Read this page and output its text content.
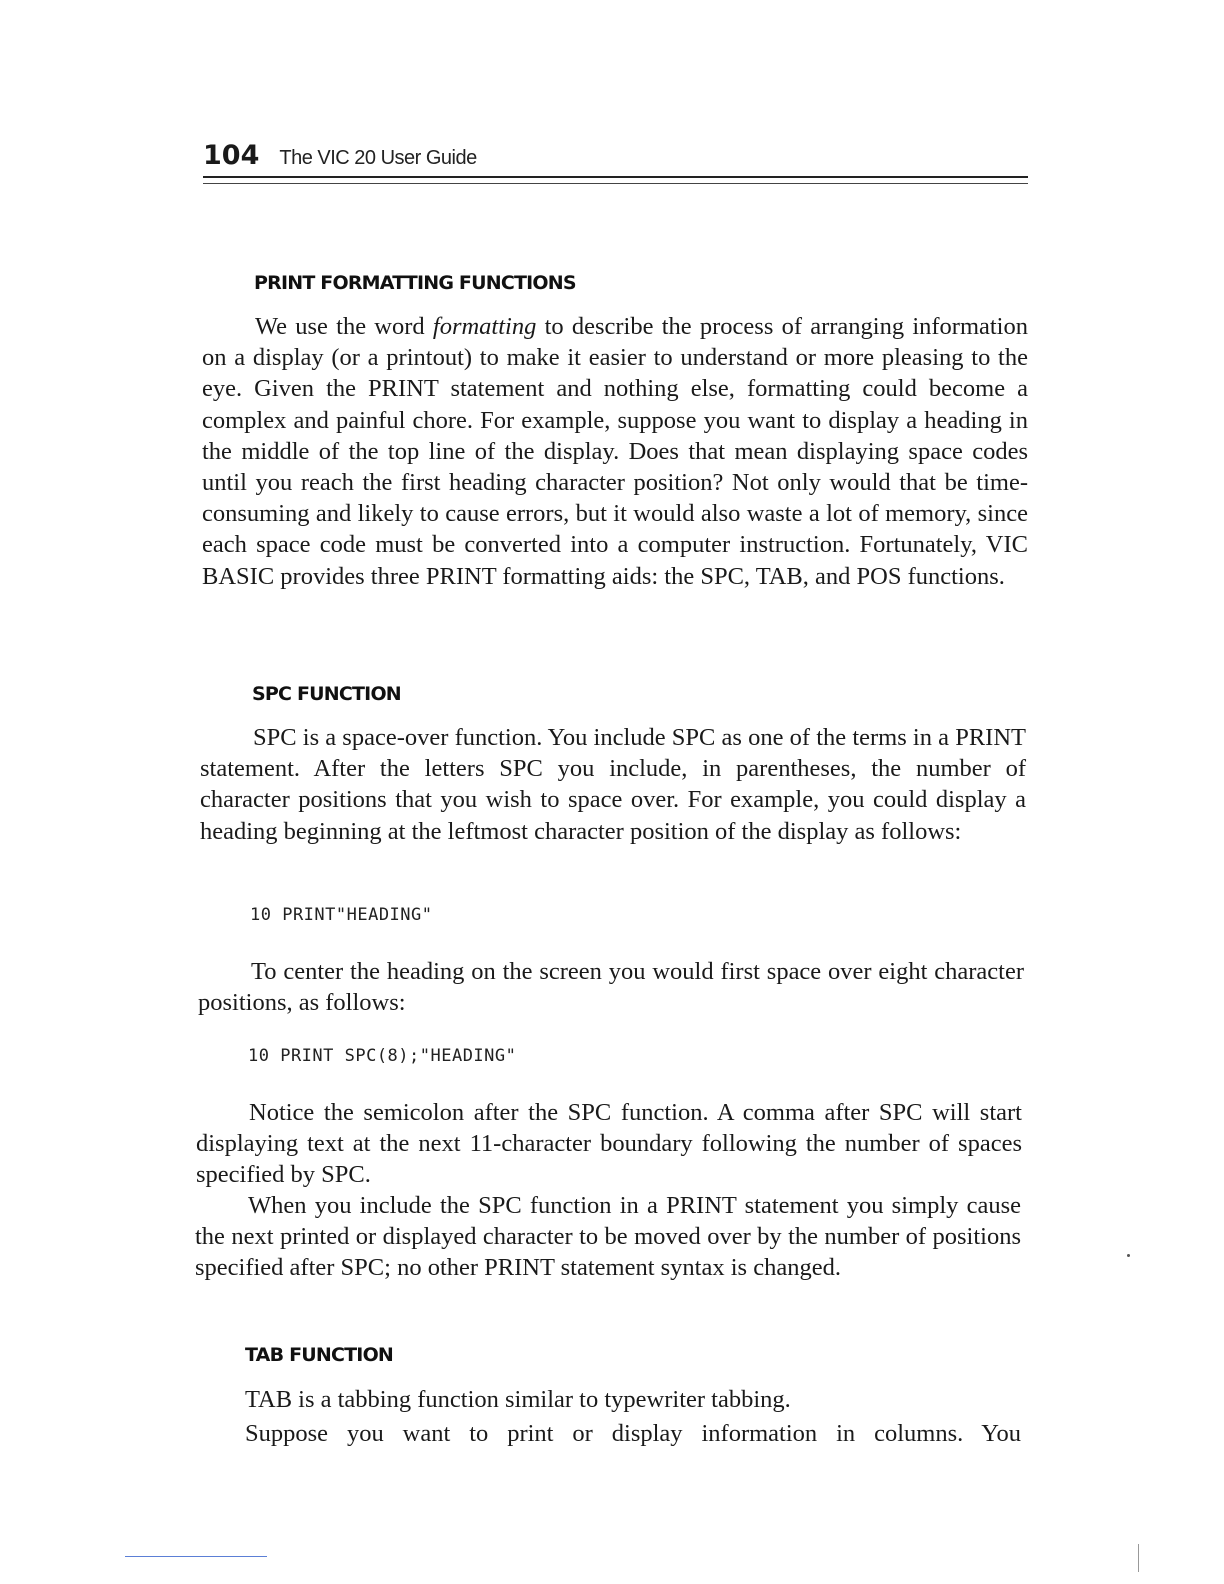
104 The VIC 20 User Guide
PRINT FORMATTING FUNCTIONS
We use the word formatting to describe the process of arranging information on a display (or a printout) to make it easier to understand or more pleasing to the eye. Given the PRINT statement and nothing else, formatting could become a complex and painful chore. For example, suppose you want to display a heading in the middle of the top line of the display. Does that mean displaying space codes until you reach the first heading character position? Not only would that be time-consuming and likely to cause errors, but it would also waste a lot of memory, since each space code must be converted into a computer instruction. Fortunately, VIC BASIC provides three PRINT formatting aids: the SPC, TAB, and POS functions.
SPC FUNCTION
SPC is a space-over function. You include SPC as one of the terms in a PRINT statement. After the letters SPC you include, in parentheses, the number of character positions that you wish to space over. For example, you could display a heading beginning at the leftmost character position of the display as follows:
10 PRINT"HEADING"
To center the heading on the screen you would first space over eight character positions, as follows:
10 PRINT SPC(8);"HEADING"
Notice the semicolon after the SPC function. A comma after SPC will start displaying text at the next 11-character boundary following the number of spaces specified by SPC.
When you include the SPC function in a PRINT statement you simply cause the next printed or displayed character to be moved over by the number of positions specified after SPC; no other PRINT statement syntax is changed.
TAB FUNCTION
TAB is a tabbing function similar to typewriter tabbing.
Suppose you want to print or display information in columns. You
